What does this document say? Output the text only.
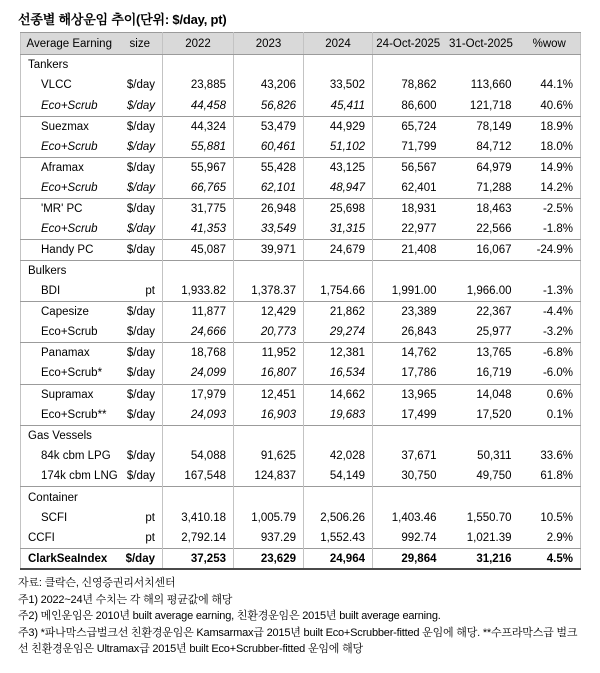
선종별 해상운임 추이(단위: $/day, pt)
Average Earning	size	2022	2023	2024	24-Oct-2025	31-Oct-2025	%wow
Tankers							
VLCC	$/day	23,885	43,206	33,502	78,862	113,660	44.1%
Eco+Scrub	$/day	44,458	56,826	45,411	86,600	121,718	40.6%
Suezmax	$/day	44,324	53,479	44,929	65,724	78,149	18.9%
Eco+Scrub	$/day	55,881	60,461	51,102	71,799	84,712	18.0%
Aframax	$/day	55,967	55,428	43,125	56,567	64,979	14.9%
Eco+Scrub	$/day	66,765	62,101	48,947	62,401	71,288	14.2%
'MR' PC	$/day	31,775	26,948	25,698	18,931	18,463	-2.5%
Eco+Scrub	$/day	41,353	33,549	31,315	22,977	22,566	-1.8%
Handy PC	$/day	45,087	39,971	24,679	21,408	16,067	-24.9%
Bulkers							
BDI	pt	1,933.82	1,378.37	1,754.66	1,991.00	1,966.00	-1.3%
Capesize	$/day	11,877	12,429	21,862	23,389	22,367	-4.4%
Eco+Scrub	$/day	24,666	20,773	29,274	26,843	25,977	-3.2%
Panamax	$/day	18,768	11,952	12,381	14,762	13,765	-6.8%
Eco+Scrub*	$/day	24,099	16,807	16,534	17,786	16,719	-6.0%
Supramax	$/day	17,979	12,451	14,662	13,965	14,048	0.6%
Eco+Scrub**	$/day	24,093	16,903	19,683	17,499	17,520	0.1%
Gas Vessels							
84k cbm LPG	$/day	54,088	91,625	42,028	37,671	50,311	33.6%
174k cbm LNG	$/day	167,548	124,837	54,149	30,750	49,750	61.8%
Container							
SCFI	pt	3,410.18	1,005.79	2,506.26	1,403.46	1,550.70	10.5%
CCFI	pt	2,792.14	937.29	1,552.43	992.74	1,021.39	2.9%
ClarkSeaIndex	$/day	37,253	23,629	24,964	29,864	31,216	4.5%
자료: 클락슨, 신영증권리서치센터
주1) 2022~24년 수치는 각 해의 평균값에 해당
주2) 메인운임은 2010년 built average earning, 친환경운임은 2015년 built average earning.
주3) *파나막스급벌크선 친환경운임은 Kamsarmax급 2015년 built Eco+Scrubber-fitted 운임에 해당. **수프라막스급 벌크선 친환경운임은 Ultramax급 2015년 built Eco+Scrubber-fitted 운임에 해당
